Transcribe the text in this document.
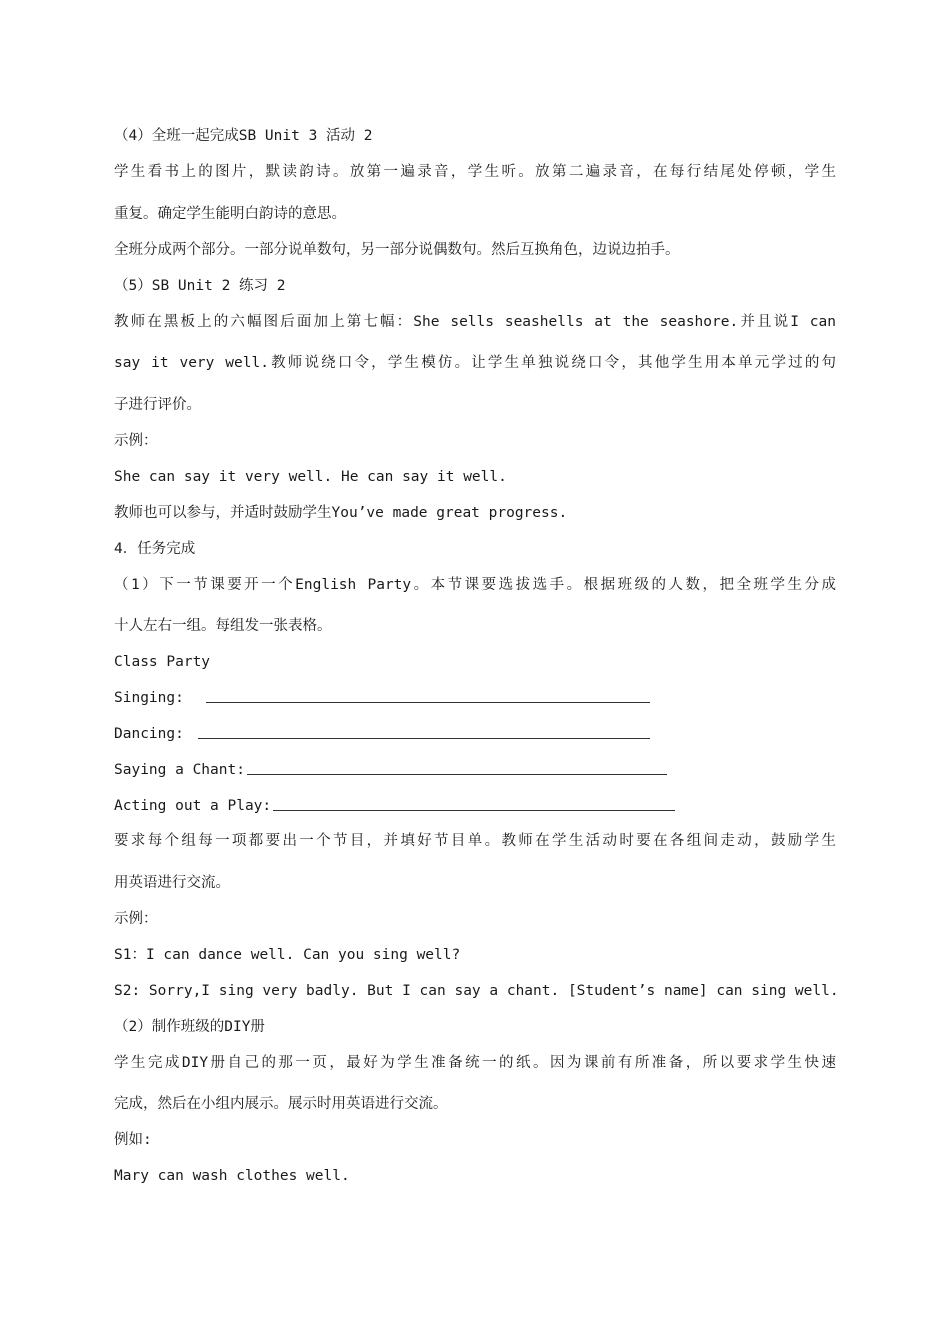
（4）全班一起完成SB Unit 3 活动 2
学生看书上的图片，默读韵诗。放第一遍录音，学生听。放第二遍录音，在每行结尾处停顿，学生
重复。确定学生能明白韵诗的意思。
全班分成两个部分。一部分说单数句，另一部分说偶数句。然后互换角色，边说边拍手。
（5）SB Unit 2 练习 2
教师在黑板上的六幅图后面加上第七幅：She sells seashells at the seashore.并且说I can
say it very well.教师说绕口令，学生模仿。让学生单独说绕口令，其他学生用本单元学过的句
子进行评价。
示例：
She can say it very well. He can say it well.
教师也可以参与，并适时鼓励学生You’ve made great progress.
4．任务完成
（1）下一节课要开一个English Party。本节课要选拔选手。根据班级的人数，把全班学生分成
十人左右一组。每组发一张表格。
Class Party
Singing:
Dancing:
Saying a Chant:
Acting out a Play:
要求每个组每一项都要出一个节目，并填好节目单。教师在学生活动时要在各组间走动，鼓励学生
用英语进行交流。
示例：
S1：I can dance well. Can you sing well?
S2: Sorry,I sing very badly. But I can say a chant. [Student’s name] can sing well.
（2）制作班级的DIY册
学生完成DIY册自己的那一页，最好为学生准备统一的纸。因为课前有所准备，所以要求学生快速
完成，然后在小组内展示。展示时用英语进行交流。
例如:
Mary can wash clothes well.
